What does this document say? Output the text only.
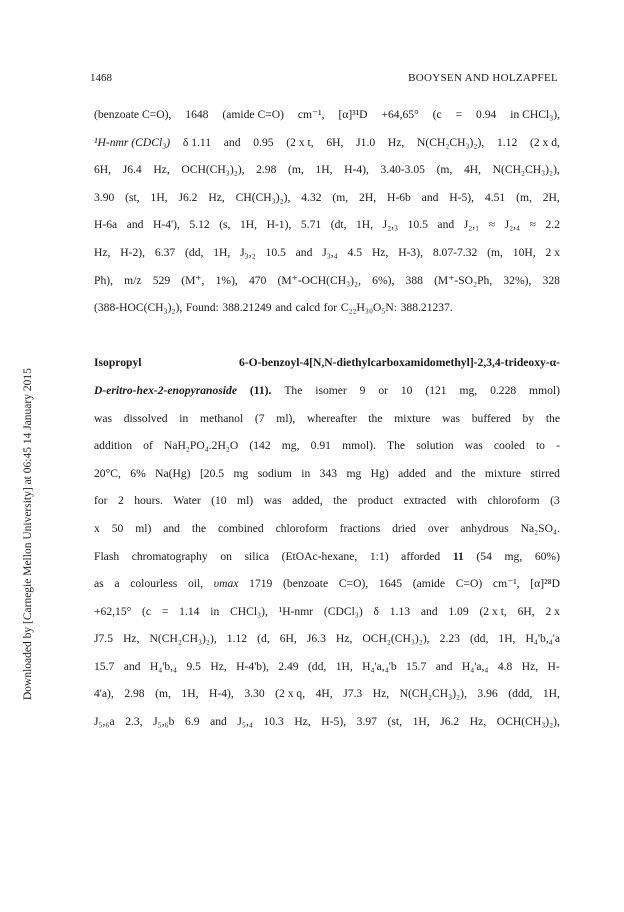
1468	BOOYSEN AND HOLZAPFEL
Downloaded by [Carnegie Mellon University] at 06:45 14 January 2015
(benzoate C=O), 1648 (amide C=O) cm⁻¹, [α]³¹D +64,65° (c = 0.94 in CHCl₃),
¹H-nmr (CDCl₃) δ 1.11 and 0.95 (2 x t, 6H, J1.0 Hz, N(CH₂CH₃)₂), 1.12 (2 x d,
6H, J6.4 Hz, OCH(CH₃)₂), 2.98 (m, 1H, H-4), 3.40-3.05 (m, 4H, N(CH₂CH₃)₂),
3.90 (st, 1H, J6.2 Hz, CH(CH₃)₂), 4.32 (m, 2H, H-6b and H-5), 4.51 (m, 2H,
H-6a and H-4'), 5.12 (s, 1H, H-1), 5.71 (dt, 1H, J₂,₃ 10.5 and J₂,₁ ≈ J₂,₄ ≈ 2.2
Hz, H-2), 6.37 (dd, 1H, J₃,₂ 10.5 and J₃,₄ 4.5 Hz, H-3), 8.07-7.32 (m, 10H, 2 x
Ph), m/z 529 (M⁺, 1%), 470 (M⁺-OCH(CH₃)₂, 6%), 388 (M⁺-SO₂Ph, 32%), 328
(388-HOC(CH₃)₂), Found: 388.21249 and calcd for C₂₂H₃₀O₅N: 388.21237.
Isopropyl	6-O-benzoyl-4[N,N-diethylcarboxamidomethyl]-2,3,4-trideoxy-α-
D-eritro-hex-2-enopyranoside (11). The isomer 9 or 10 (121 mg, 0.228 mmol)
was dissolved in methanol (7 ml), whereafter the mixture was buffered by the
addition of NaH₂PO₄.2H₂O (142 mg, 0.91 mmol). The solution was cooled to -
20°C, 6% Na(Hg) [20.5 mg sodium in 343 mg Hg) added and the mixture stirred
for 2 hours. Water (10 ml) was added, the product extracted with chloroform (3
x 50 ml) and the combined chloroform fractions dried over anhydrous Na₂SO₄.
Flash chromatography on silica (EtOAc-hexane, 1:1) afforded 11 (54 mg, 60%)
as a colourless oil, υmax 1719 (benzoate C=O), 1645 (amide C=O) cm⁻¹, [α]²⁸D
+62,15° (c = 1.14 in CHCl₃), ¹H-nmr (CDCl₃) δ 1.13 and 1.09 (2 x t, 6H, 2 x
J7.5 Hz, N(CH₂CH₃)₂), 1.12 (d, 6H, J6.3 Hz, OCH₂(CH₃)₂), 2.23 (dd, 1H, H₄'b,₄'a
15.7 and H₄'b,₄ 9.5 Hz, H-4'b), 2.49 (dd, 1H, H₄'a,₄'b 15.7 and H₄'a,₄ 4.8 Hz, H-
4'a), 2.98 (m, 1H, H-4), 3.30 (2 x q, 4H, J7.3 Hz, N(CH₂CH₃)₂), 3.96 (ddd, 1H,
J₅,₆a 2.3, J₅,₆b 6.9 and J₅,₄ 10.3 Hz, H-5), 3.97 (st, 1H, J6.2 Hz, OCH(CH₃)₂),
